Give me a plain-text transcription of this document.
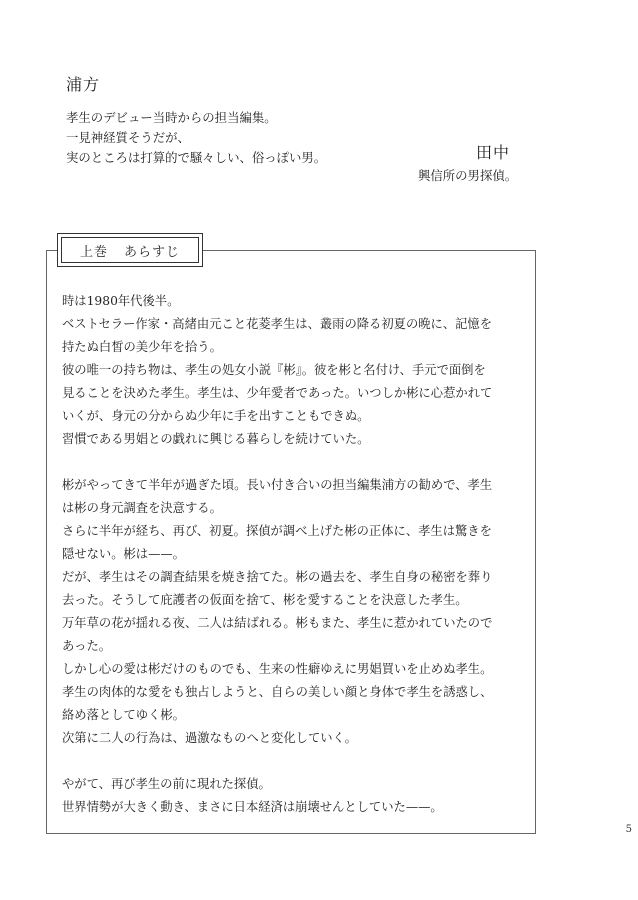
浦方
孝生のデビュー当時からの担当編集。
一見神経質そうだが、
実のところは打算的で騒々しい、俗っぽい男。	田中
興信所の男探偵。
上巻 あらすじ
時は1980年代後半。
ベストセラー作家・高緒由元こと花菱孝生は、叢雨の降る初夏の晩に、記憶を
持たぬ白皙の美少年を拾う。
彼の唯一の持ち物は、孝生の処女小説『彬』。彼を彬と名付け、手元で面倒を
見ることを決めた孝生。孝生は、少年愛者であった。いつしか彬に心惹かれて
いくが、身元の分からぬ少年に手を出すこともできぬ。
習慣である男娼との戯れに興じる暮らしを続けていた。
彬がやってきて半年が過ぎた頃。長い付き合いの担当編集浦方の勧めで、孝生
は彬の身元調査を決意する。
さらに半年が経ち、再び、初夏。探偵が調べ上げた彬の正体に、孝生は驚きを
隠せない。彬は——。
だが、孝生はその調査結果を焼き捨てた。彬の過去を、孝生自身の秘密を葬り
去った。そうして庇護者の仮面を捨て、彬を愛することを決意した孝生。
万年草の花が揺れる夜、二人は結ばれる。彬もまた、孝生に惹かれていたので
あった。
しかし心の愛は彬だけのものでも、生来の性癖ゆえに男娼買いを止めぬ孝生。
孝生の肉体的な愛をも独占しようと、自らの美しい顔と身体で孝生を誘惑し、
絡め落としてゆく彬。
次第に二人の行為は、過激なものへと変化していく。
やがて、再び孝生の前に現れた探偵。
世界情勢が大きく動き、まさに日本経済は崩壊せんとしていた——。
5
